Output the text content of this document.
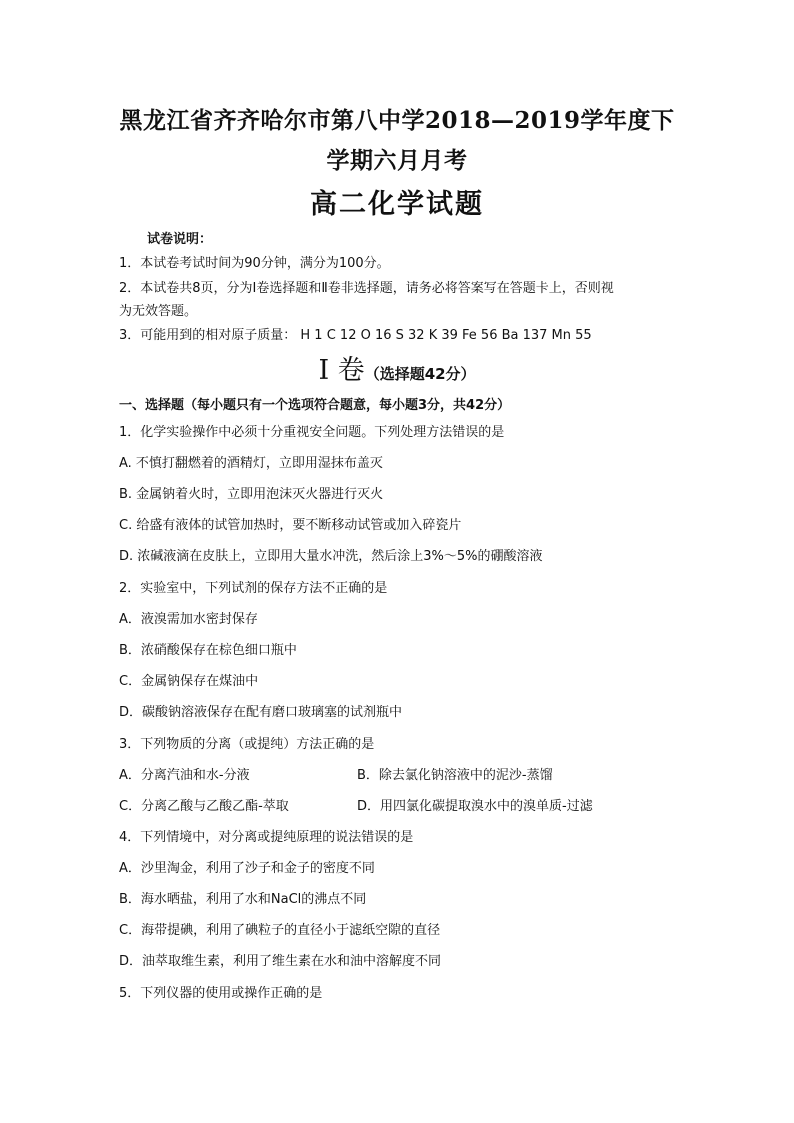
黑龙江省齐齐哈尔市第八中学2018—2019学年度下
学期六月月考
高二化学试题
试卷说明：
1．本试卷考试时间为90分钟，满分为100分。
2．本试卷共8页，分为Ⅰ卷选择题和Ⅱ卷非选择题，请务必将答案写在答题卡上，否则视
为无效答题。
3．可能用到的相对原子质量： H 1 C 12 O 16 S 32 K 39 Fe 56 Ba 137 Mn 55
I 卷（选择题42分）
一、选择题（每小题只有一个选项符合题意，每小题3分，共42分）
1．化学实验操作中必须十分重视安全问题。下列处理方法错误的是
A. 不慎打翻燃着的酒精灯，立即用湿抹布盖灭
B. 金属钠着火时，立即用泡沫灭火器进行灭火
C. 给盛有液体的试管加热时，要不断移动试管或加入碎瓷片
D. 浓碱液滴在皮肤上，立即用大量水冲洗，然后涂上3%～5%的硼酸溶液
2．实验室中，下列试剂的保存方法不正确的是
A．液溴需加水密封保存
B．浓硝酸保存在棕色细口瓶中
C．金属钠保存在煤油中
D．碳酸钠溶液保存在配有磨口玻璃塞的试剂瓶中
3．下列物质的分离（或提纯）方法正确的是
A．分离汽油和水-分液	B．除去氯化钠溶液中的泥沙-蒸馏
C．分离乙酸与乙酸乙酯-萃取	D．用四氯化碳提取溴水中的溴单质-过滤
4．下列情境中，对分离或提纯原理的说法错误的是
A．沙里淘金，利用了沙子和金子的密度不同
B．海水晒盐，利用了水和NaCl的沸点不同
C．海带提碘，利用了碘粒子的直径小于滤纸空隙的直径
D．油萃取维生素，利用了维生素在水和油中溶解度不同
5．下列仪器的使用或操作正确的是
